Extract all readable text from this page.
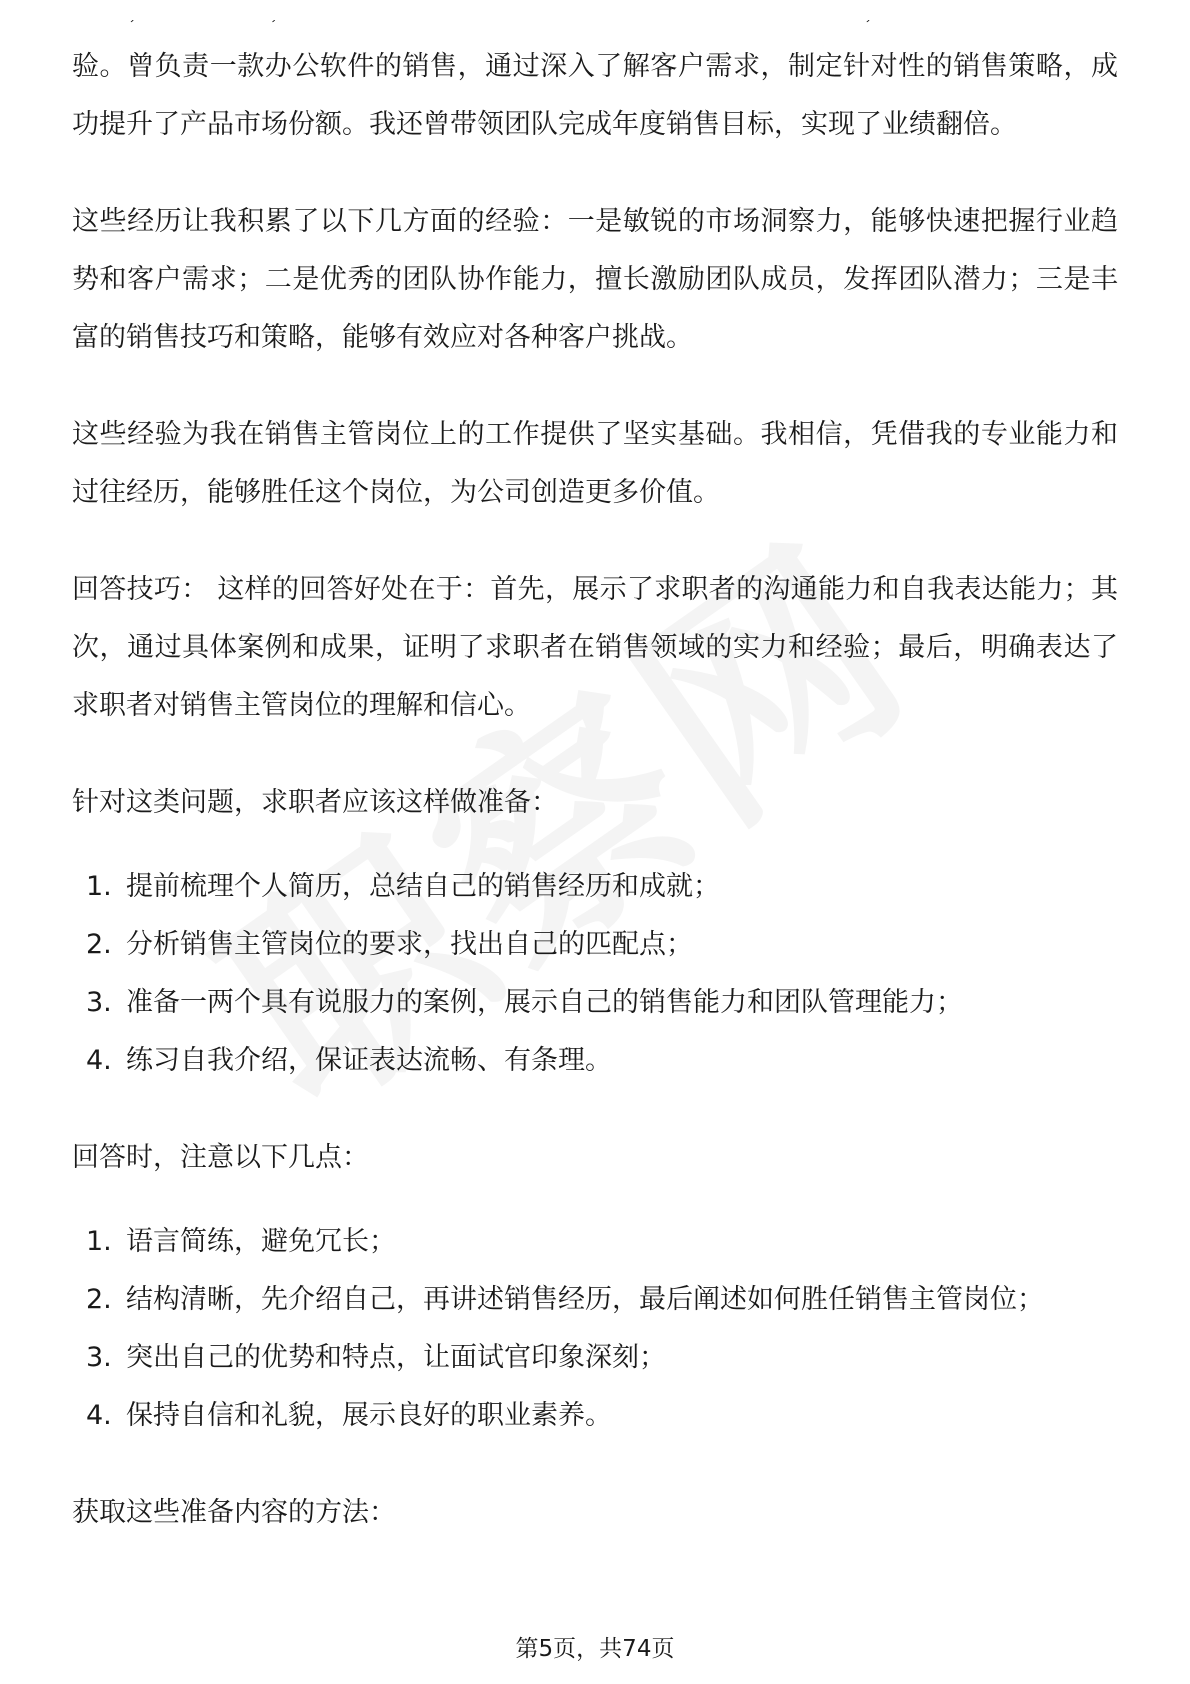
验。曾负责一款办公软件的销售，通过深入了解客户需求，制定针对性的销售策略，成功提升了产品市场份额。我还曾带领团队完成年度销售目标，实现了业绩翻倍。

这些经历让我积累了以下几方面的经验：一是敏锐的市场洞察力，能够快速把握行业趋势和客户需求；二是优秀的团队协作能力，擅长激励团队成员，发挥团队潜力；三是丰富的销售技巧和策略，能够有效应对各种客户挑战。

这些经验为我在销售主管岗位上的工作提供了坚实基础。我相信，凭借我的专业能力和过往经历，能够胜任这个岗位，为公司创造更多价值。

回答技巧： 这样的回答好处在于：首先，展示了求职者的沟通能力和自我表达能力；其次，通过具体案例和成果，证明了求职者在销售领域的实力和经验；最后，明确表达了求职者对销售主管岗位的理解和信心。

针对这类问题，求职者应该这样做准备：

1. 提前梳理个人简历，总结自己的销售经历和成就；
2. 分析销售主管岗位的要求，找出自己的匹配点；
3. 准备一两个具有说服力的案例，展示自己的销售能力和团队管理能力；
4. 练习自我介绍，保证表达流畅、有条理。

回答时，注意以下几点：

1. 语言简练，避免冗长；
2. 结构清晰，先介绍自己，再讲述销售经历，最后阐述如何胜任销售主管岗位；
3. 突出自己的优势和特点，让面试官印象深刻；
4. 保持自信和礼貌，展示良好的职业素养。

获取这些准备内容的方法：

第5页，共74页
